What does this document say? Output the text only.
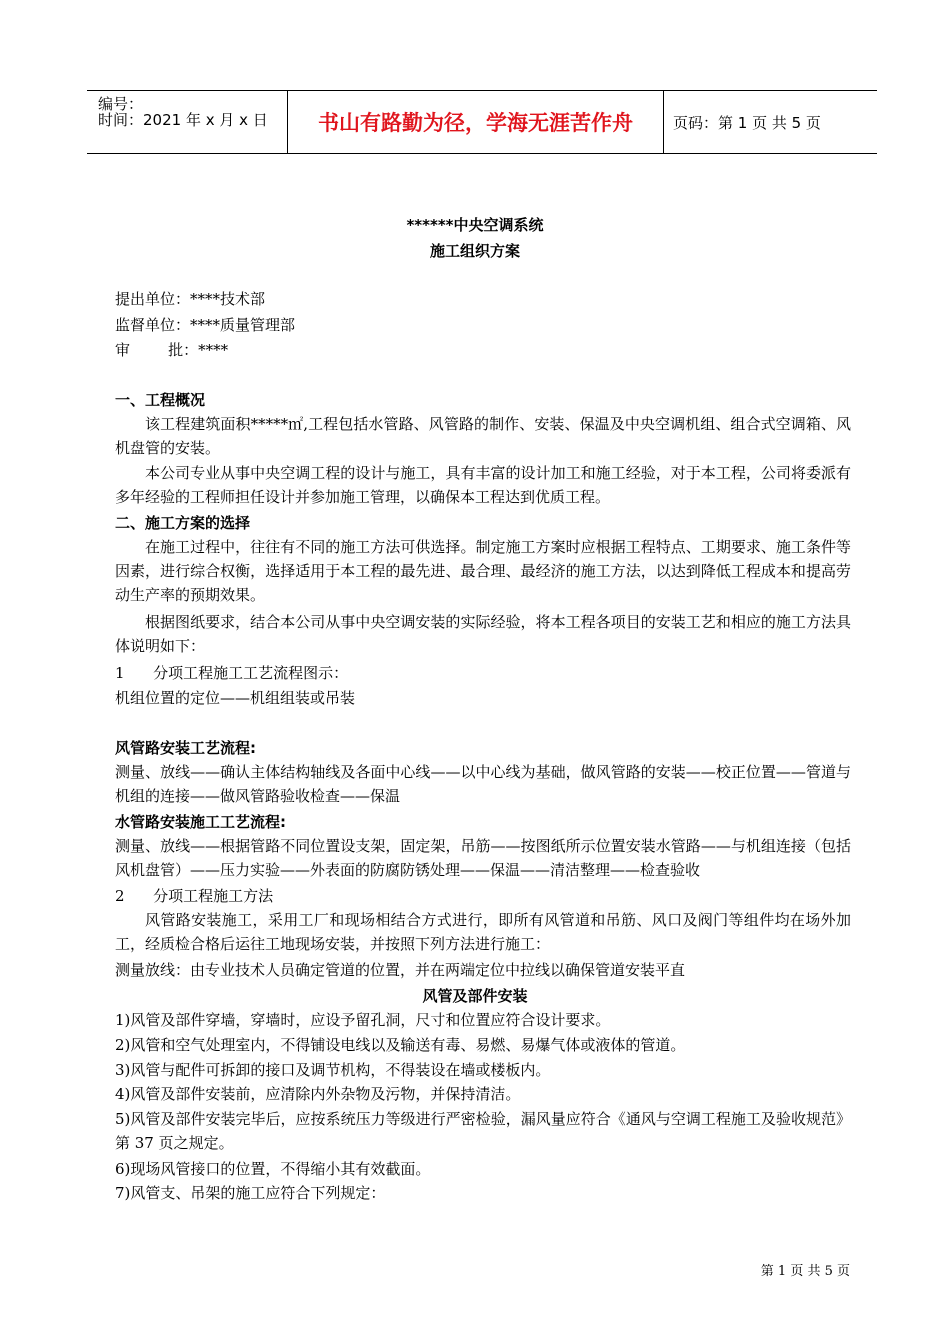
编号：
时间：2021 年 x 月 x 日	书山有路勤为径，学海无涯苦作舟	页码：第 1 页 共 5 页
******中央空调系统
施工组织方案
提出单位：****技术部
监督单位：****质量管理部
审        批：****
一、工程概况
该工程建筑面积*****㎡,工程包括水管路、风管路的制作、安装、保温及中央空调机组、组合式空调箱、风机盘管的安装。
本公司专业从事中央空调工程的设计与施工，具有丰富的设计加工和施工经验，对于本工程，公司将委派有多年经验的工程师担任设计并参加施工管理，以确保本工程达到优质工程。
二、施工方案的选择
在施工过程中，往往有不同的施工方法可供选择。制定施工方案时应根据工程特点、工期要求、施工条件等因素，进行综合权衡，选择适用于本工程的最先进、最合理、最经济的施工方法，以达到降低工程成本和提高劳动生产率的预期效果。
根据图纸要求，结合本公司从事中央空调安装的实际经验，将本工程各项目的安装工艺和相应的施工方法具体说明如下：
1      分项工程施工工艺流程图示：
机组位置的定位——机组组装或吊装
风管路安装工艺流程:
测量、放线——确认主体结构轴线及各面中心线——以中心线为基础，做风管路的安装——校正位置——管道与机组的连接——做风管路验收检查——保温
水管路安装施工工艺流程:
测量、放线——根据管路不同位置设支架，固定架，吊筋——按图纸所示位置安装水管路——与机组连接（包括风机盘管）——压力实验——外表面的防腐防锈处理——保温——清洁整理——检查验收
2      分项工程施工方法
风管路安装施工，采用工厂和现场相结合方式进行，即所有风管道和吊筋、风口及阀门等组件均在场外加工，经质检合格后运往工地现场安装，并按照下列方法进行施工：
测量放线：由专业技术人员确定管道的位置，并在两端定位中拉线以确保管道安装平直
风管及部件安装
1)风管及部件穿墙，穿墙时，应设予留孔洞，尺寸和位置应符合设计要求。
2)风管和空气处理室内，不得铺设电线以及输送有毒、易燃、易爆气体或液体的管道。
3)风管与配件可拆卸的接口及调节机构，不得装设在墙或楼板内。
4)风管及部件安装前，应清除内外杂物及污物，并保持清洁。
5)风管及部件安装完毕后，应按系统压力等级进行严密检验，漏风量应符合《通风与空调工程施工及验收规范》第 37 页之规定。
6)现场风管接口的位置，不得缩小其有效截面。
7)风管支、吊架的施工应符合下列规定：
第 1 页 共 5 页
